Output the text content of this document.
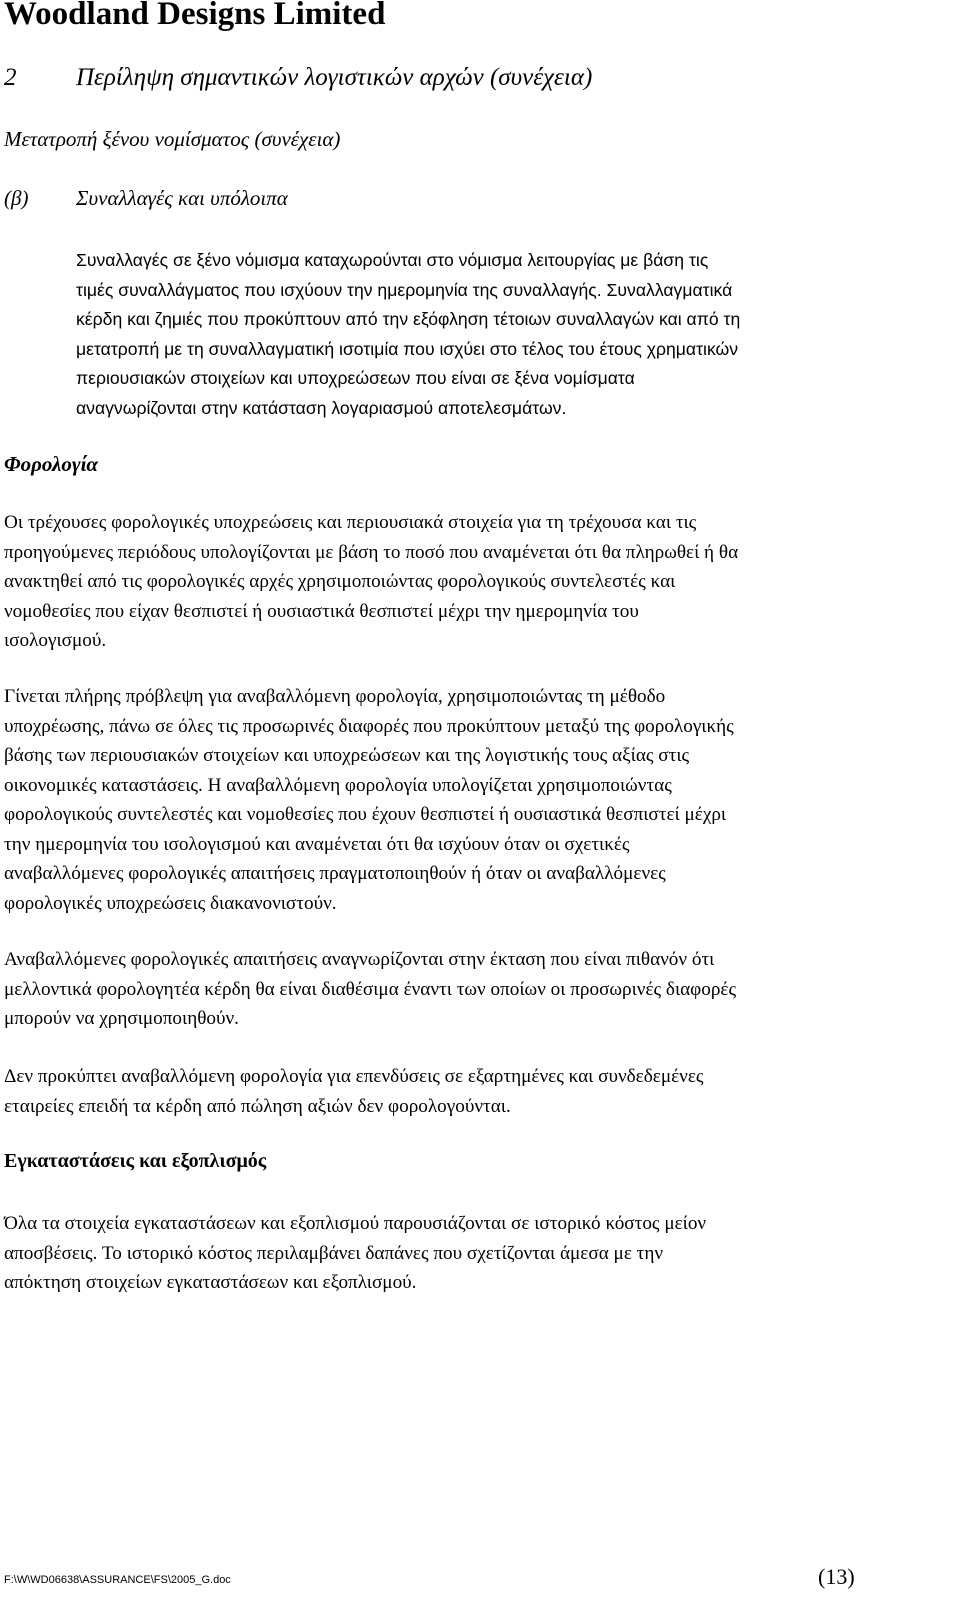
Woodland Designs Limited
2 Περίληψη σημαντικών λογιστικών αρχών (συνέχεια)
Μετατροπή ξένου νομίσματος (συνέχεια)
(β) Συναλλαγές και υπόλοιπα
Συναλλαγές σε ξένο νόμισμα καταχωρούνται στο νόμισμα λειτουργίας με βάση τις
τιμές συναλλάγματος που ισχύουν την ημερομηνία της συναλλαγής. Συναλλαγματικά
κέρδη και ζημιές που προκύπτουν από την εξόφληση τέτοιων συναλλαγών και από τη
μετατροπή με τη συναλλαγματική ισοτιμία που ισχύει στο τέλος του έτους χρηματικών
περιουσιακών στοιχείων και υποχρεώσεων που είναι σε ξένα νομίσματα
αναγνωρίζονται στην κατάσταση λογαριασμού αποτελεσμάτων.
Φορολογία
Οι τρέχουσες φορολογικές υποχρεώσεις και περιουσιακά στοιχεία για τη τρέχουσα και τις
προηγούμενες περιόδους υπολογίζονται με βάση το ποσό που αναμένεται ότι θα πληρωθεί ή θα
ανακτηθεί από τις φορολογικές αρχές χρησιμοποιώντας φορολογικούς συντελεστές και
νομοθεσίες που είχαν θεσπιστεί ή ουσιαστικά θεσπιστεί μέχρι την ημερομηνία του
ισολογισμού.
Γίνεται πλήρης πρόβλεψη για αναβαλλόμενη φορολογία, χρησιμοποιώντας τη μέθοδο
υποχρέωσης, πάνω σε όλες τις προσωρινές διαφορές που προκύπτουν μεταξύ της φορολογικής
βάσης των περιουσιακών στοιχείων και υποχρεώσεων και της λογιστικής τους αξίας στις
οικονομικές καταστάσεις. Η αναβαλλόμενη φορολογία υπολογίζεται χρησιμοποιώντας
φορολογικούς συντελεστές και νομοθεσίες που έχουν θεσπιστεί ή ουσιαστικά θεσπιστεί μέχρι
την ημερομηνία του ισολογισμού και αναμένεται ότι θα ισχύουν όταν οι σχετικές
αναβαλλόμενες φορολογικές απαιτήσεις πραγματοποιηθούν ή όταν οι αναβαλλόμενες
φορολογικές υποχρεώσεις διακανονιστούν.
Αναβαλλόμενες φορολογικές απαιτήσεις αναγνωρίζονται στην έκταση που είναι πιθανόν ότι
μελλοντικά φορολογητέα κέρδη θα είναι διαθέσιμα έναντι των οποίων οι προσωρινές διαφορές
μπορούν να χρησιμοποιηθούν.
Δεν προκύπτει αναβαλλόμενη φορολογία για επενδύσεις σε εξαρτημένες και συνδεδεμένες
εταιρείες επειδή τα κέρδη από πώληση αξιών δεν φορολογούνται.
Εγκαταστάσεις και εξοπλισμός
Όλα τα στοιχεία εγκαταστάσεων και εξοπλισμού παρουσιάζονται σε ιστορικό κόστος μείον
αποσβέσεις. Το ιστορικό κόστος περιλαμβάνει δαπάνες που σχετίζονται άμεσα με την
απόκτηση στοιχείων εγκαταστάσεων και εξοπλισμού.
F:\W\WD06638\ASSURANCE\FS\2005_G.doc	(13)
